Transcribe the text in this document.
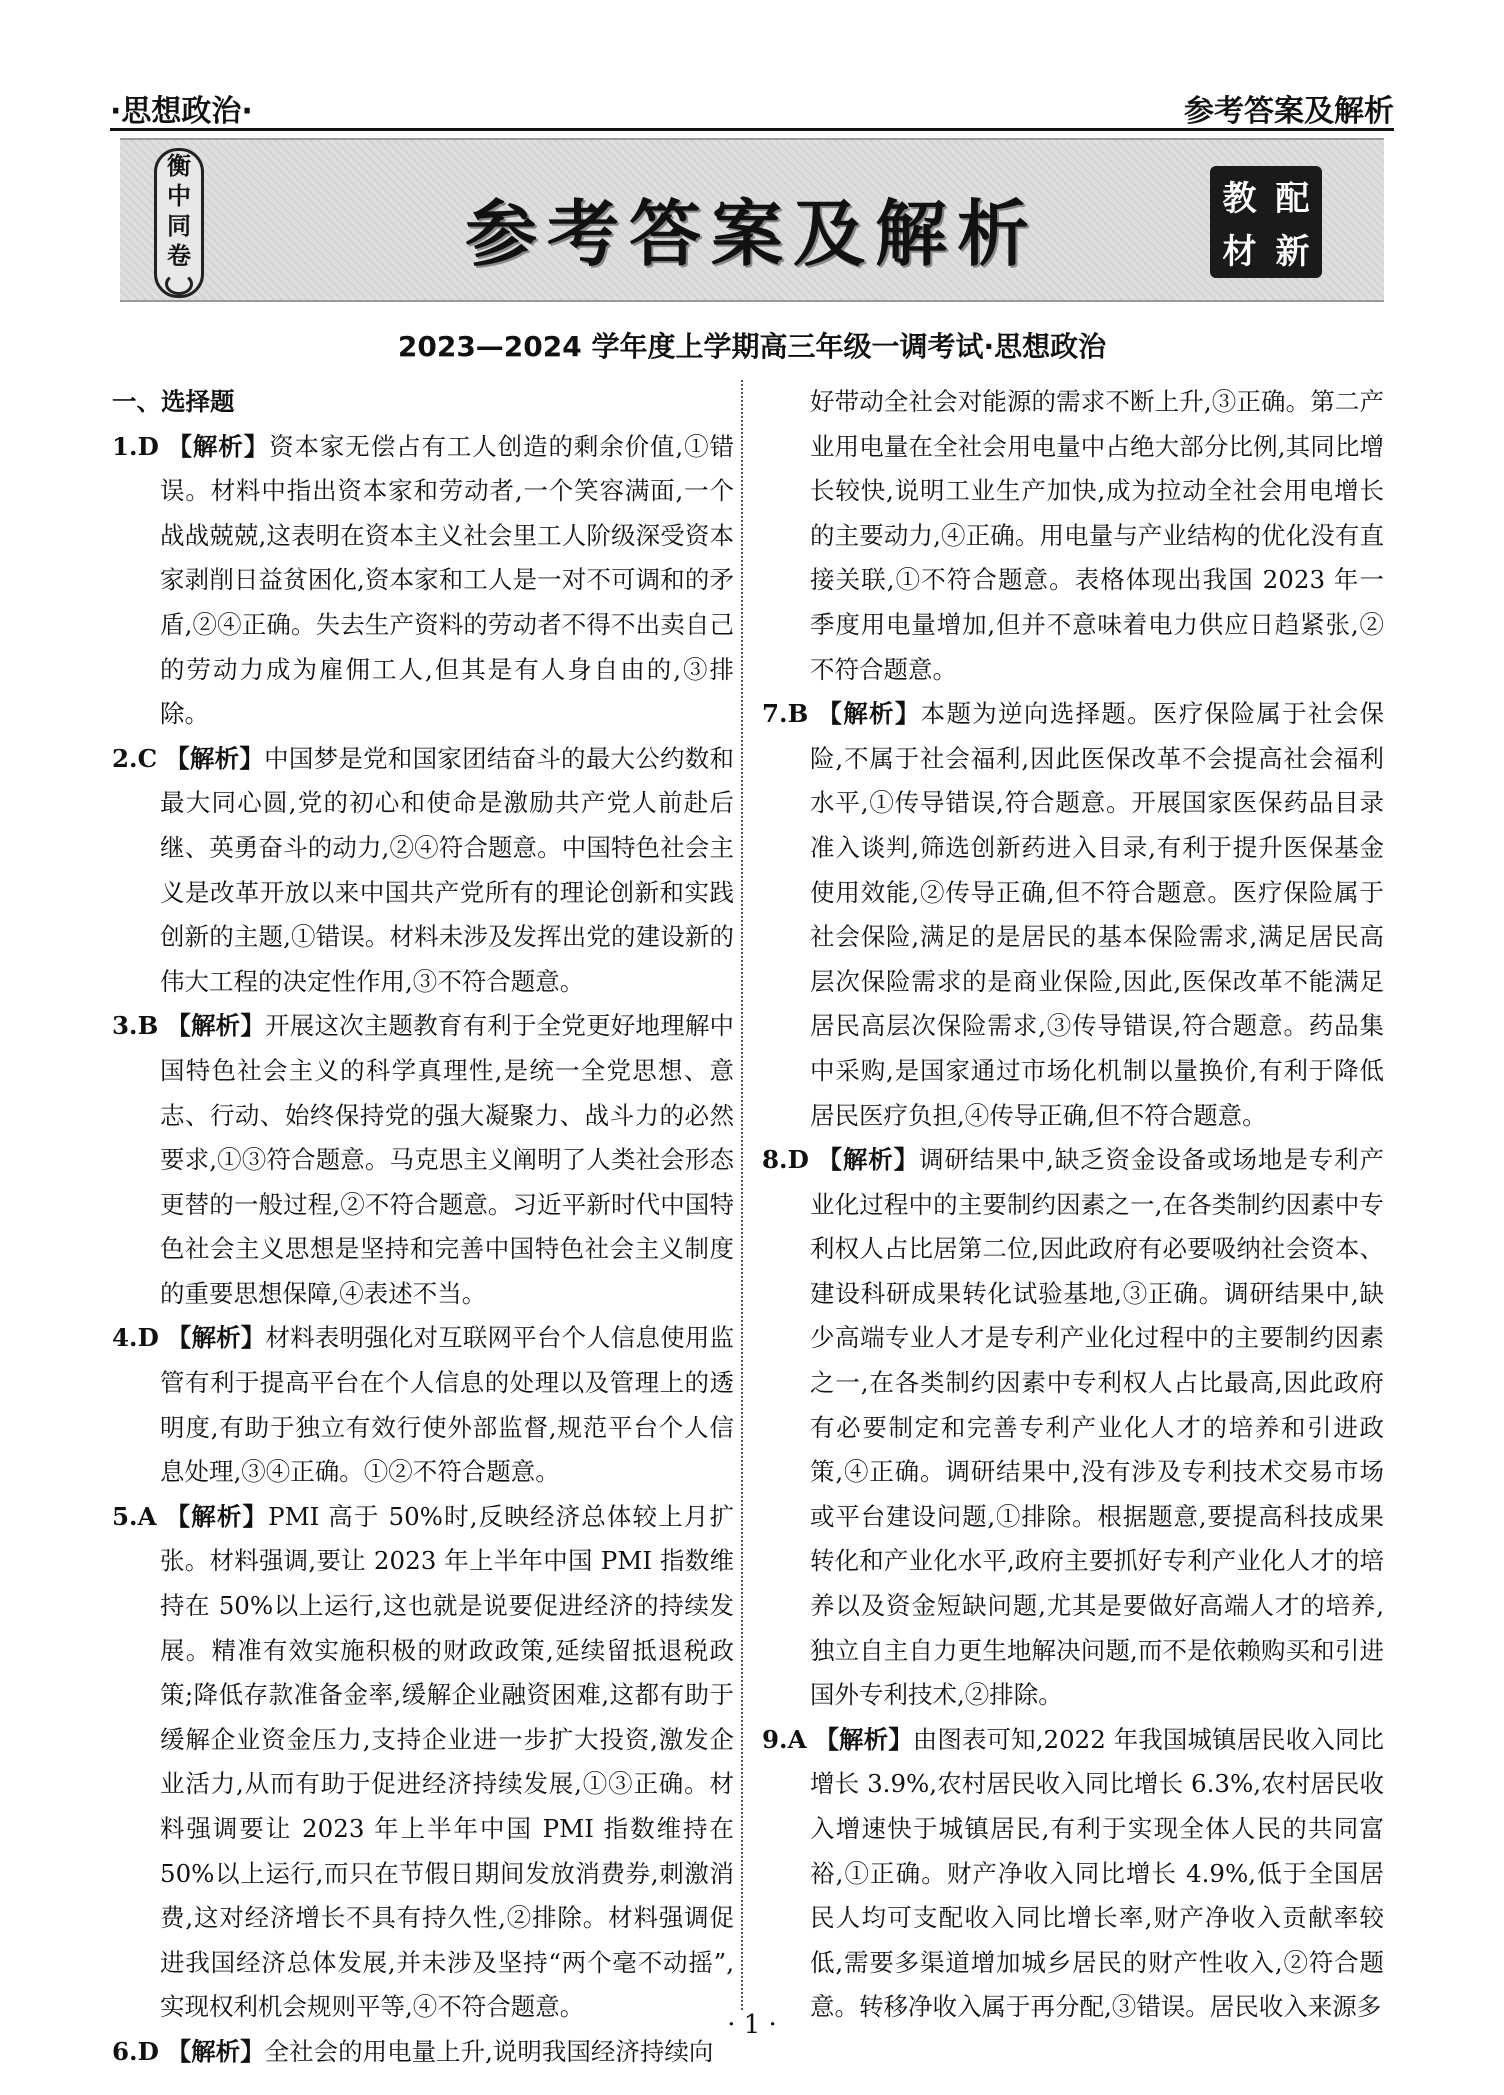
·思想政治·	参考答案及解析
衡
中
同
卷	参考答案及解析	教 配
材 新
2023—2024 学年度上学期高三年级一调考试·思想政治

一、选择题

1.D 【解析】资本家无偿占有工人创造的剩余价值,①错误。材料中指出资本家和劳动者,一个笑容满面,一个战战兢兢,这表明在资本主义社会里工人阶级深受资本家剥削日益贫困化,资本家和工人是一对不可调和的矛盾,②④正确。失去生产资料的劳动者不得不出卖自己的劳动力成为雇佣工人,但其是有人身自由的,③排除。

2.C 【解析】中国梦是党和国家团结奋斗的最大公约数和最大同心圆,党的初心和使命是激励共产党人前赴后继、英勇奋斗的动力,②④符合题意。中国特色社会主义是改革开放以来中国共产党所有的理论创新和实践创新的主题,①错误。材料未涉及发挥出党的建设新的伟大工程的决定性作用,③不符合题意。

3.B 【解析】开展这次主题教育有利于全党更好地理解中国特色社会主义的科学真理性,是统一全党思想、意志、行动、始终保持党的强大凝聚力、战斗力的必然要求,①③符合题意。马克思主义阐明了人类社会形态更替的一般过程,②不符合题意。习近平新时代中国特色社会主义思想是坚持和完善中国特色社会主义制度的重要思想保障,④表述不当。

4.D 【解析】材料表明强化对互联网平台个人信息使用监管有利于提高平台在个人信息的处理以及管理上的透明度,有助于独立有效行使外部监督,规范平台个人信息处理,③④正确。①②不符合题意。

5.A 【解析】PMI 高于 50%时,反映经济总体较上月扩张。材料强调,要让 2023 年上半年中国 PMI 指数维持在 50%以上运行,这也就是说要促进经济的持续发展。精准有效实施积极的财政政策,延续留抵退税政策;降低存款准备金率,缓解企业融资困难,这都有助于缓解企业资金压力,支持企业进一步扩大投资,激发企业活力,从而有助于促进经济持续发展,①③正确。材料强调要让 2023 年上半年中国 PMI 指数维持在 50%以上运行,而只在节假日期间发放消费券,刺激消费,这对经济增长不具有持久性,②排除。材料强调促进我国经济总体发展,并未涉及坚持“两个毫不动摇”,实现权利机会规则平等,④不符合题意。

6.D 【解析】全社会的用电量上升,说明我国经济持续向

好带动全社会对能源的需求不断上升,③正确。第二产业用电量在全社会用电量中占绝大部分比例,其同比增长较快,说明工业生产加快,成为拉动全社会用电增长的主要动力,④正确。用电量与产业结构的优化没有直接关联,①不符合题意。表格体现出我国 2023 年一季度用电量增加,但并不意味着电力供应日趋紧张,②不符合题意。

7.B 【解析】本题为逆向选择题。医疗保险属于社会保险,不属于社会福利,因此医保改革不会提高社会福利水平,①传导错误,符合题意。开展国家医保药品目录准入谈判,筛选创新药进入目录,有利于提升医保基金使用效能,②传导正确,但不符合题意。医疗保险属于社会保险,满足的是居民的基本保险需求,满足居民高层次保险需求的是商业保险,因此,医保改革不能满足居民高层次保险需求,③传导错误,符合题意。药品集中采购,是国家通过市场化机制以量换价,有利于降低居民医疗负担,④传导正确,但不符合题意。

8.D 【解析】调研结果中,缺乏资金设备或场地是专利产业化过程中的主要制约因素之一,在各类制约因素中专利权人占比居第二位,因此政府有必要吸纳社会资本、建设科研成果转化试验基地,③正确。调研结果中,缺少高端专业人才是专利产业化过程中的主要制约因素之一,在各类制约因素中专利权人占比最高,因此政府有必要制定和完善专利产业化人才的培养和引进政策,④正确。调研结果中,没有涉及专利技术交易市场或平台建设问题,①排除。根据题意,要提高科技成果转化和产业化水平,政府主要抓好专利产业化人才的培养以及资金短缺问题,尤其是要做好高端人才的培养,独立自主自力更生地解决问题,而不是依赖购买和引进国外专利技术,②排除。

9.A 【解析】由图表可知,2022 年我国城镇居民收入同比增长 3.9%,农村居民收入同比增长 6.3%,农村居民收入增速快于城镇居民,有利于实现全体人民的共同富裕,①正确。财产净收入同比增长 4.9%,低于全国居民人均可支配收入同比增长率,财产净收入贡献率较低,需要多渠道增加城乡居民的财产性收入,②符合题意。转移净收入属于再分配,③错误。居民收入来源多

· 1 ·
